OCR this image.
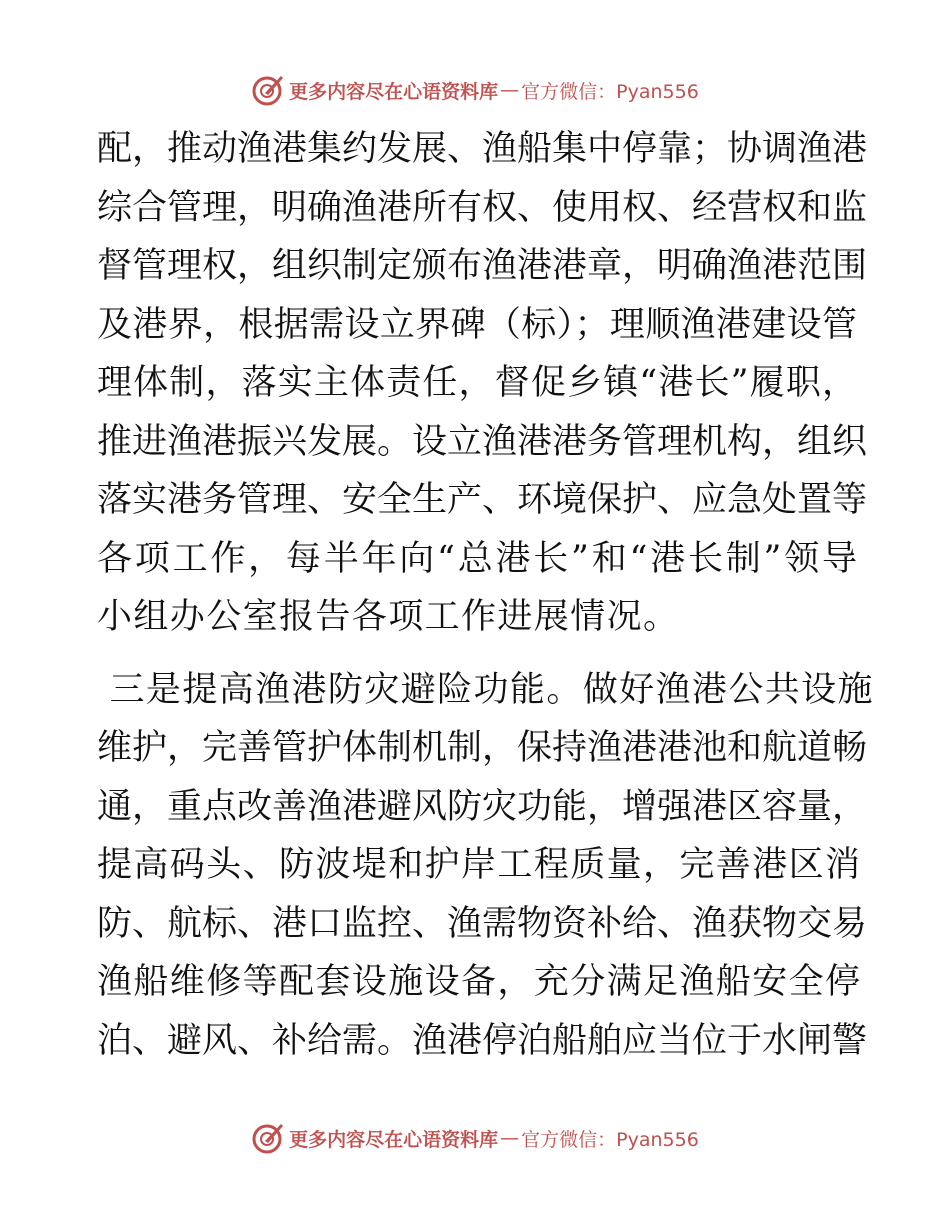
更多内容尽在心语资料库 — 官方微信：Pyan556
配，推动渔港集约发展、渔船集中停靠；协调渔港
综合管理，明确渔港所有权、使用权、经营权和监
督管理权，组织制定颁布渔港港章，明确渔港范围
及港界，根据需设立界碑（标）；理顺渔港建设管
理体制，落实主体责任，督促乡镇“港长”履职，
推进渔港振兴发展。设立渔港港务管理机构，组织
落实港务管理、安全生产、环境保护、应急处置等
各项工作，每半年向“总港长”和“港长制”领导
小组办公室报告各项工作进展情况。
三是提高渔港防灾避险功能。做好渔港公共设施
维护，完善管护体制机制，保持渔港港池和航道畅
通，重点改善渔港避风防灾功能，增强港区容量，
提高码头、防波堤和护岸工程质量，完善港区消
防、航标、港口监控、渔需物资补给、渔获物交易
渔船维修等配套设施设备，充分满足渔船安全停
泊、避风、补给需。渔港停泊船舶应当位于水闸警
更多内容尽在心语资料库 — 官方微信：Pyan556
